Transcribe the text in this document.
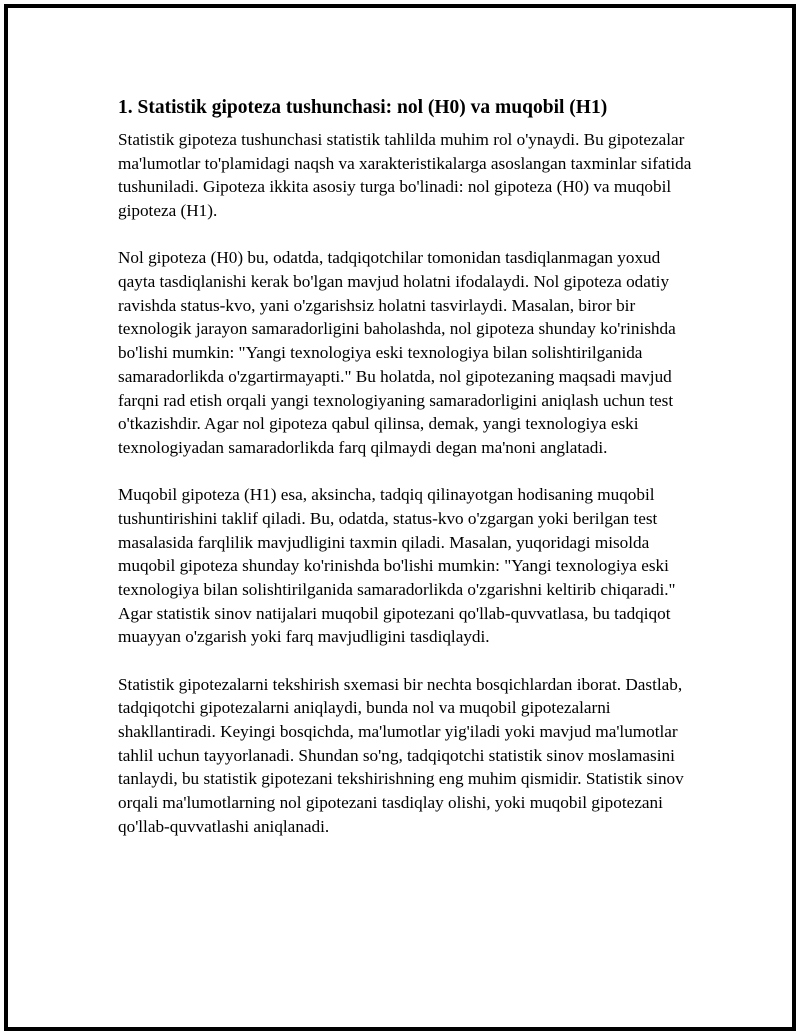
1. Statistik gipoteza tushunchasi: nol (H0) va muqobil (H1)

Statistik gipoteza tushunchasi statistik tahlilda muhim rol o'ynaydi. Bu gipotezalar ma'lumotlar to'plamidagi naqsh va xarakteristikalarga asoslangan taxminlar sifatida tushuniladi. Gipoteza ikkita asosiy turga bo'linadi: nol gipoteza (H0) va muqobil gipoteza (H1).

Nol gipoteza (H0) bu, odatda, tadqiqotchilar tomonidan tasdiqlanmagan yoxud qayta tasdiqlanishi kerak bo'lgan mavjud holatni ifodalaydi. Nol gipoteza odatiy ravishda status-kvo, yani o'zgarishsiz holatni tasvirlaydi. Masalan, biror bir texnologik jarayon samaradorligini baholashda, nol gipoteza shunday ko'rinishda bo'lishi mumkin: "Yangi texnologiya eski texnologiya bilan solishtirilganida samaradorlikda o'zgartirmayapti." Bu holatda, nol gipotezaning maqsadi mavjud farqni rad etish orqali yangi texnologiyaning samaradorligini aniqlash uchun test o'tkazishdir. Agar nol gipoteza qabul qilinsa, demak, yangi texnologiya eski texnologiyadan samaradorlikda farq qilmaydi degan ma'noni anglatadi.

Muqobil gipoteza (H1) esa, aksincha, tadqiq qilinayotgan hodisaning muqobil tushuntirishini taklif qiladi. Bu, odatda, status-kvo o'zgargan yoki berilgan test masalasida farqlilik mavjudligini taxmin qiladi. Masalan, yuqoridagi misolda muqobil gipoteza shunday ko'rinishda bo'lishi mumkin: "Yangi texnologiya eski texnologiya bilan solishtirilganida samaradorlikda o'zgarishni keltirib chiqaradi." Agar statistik sinov natijalari muqobil gipotezani qo'llab-quvvatlasa, bu tadqiqot muayyan o'zgarish yoki farq mavjudligini tasdiqlaydi.

Statistik gipotezalarni tekshirish sxemasi bir nechta bosqichlardan iborat. Dastlab, tadqiqotchi gipotezalarni aniqlaydi, bunda nol va muqobil gipotezalarni shakllantiradi. Keyingi bosqichda, ma'lumotlar yig'iladi yoki mavjud ma'lumotlar tahlil uchun tayyorlanadi. Shundan so'ng, tadqiqotchi statistik sinov moslamasini tanlaydi, bu statistik gipotezani tekshirishning eng muhim qismidir. Statistik sinov orqali ma'lumotlarning nol gipotezani tasdiqlay olishi, yoki muqobil gipotezani qo'llab-quvvatlashi aniqlanadi.
